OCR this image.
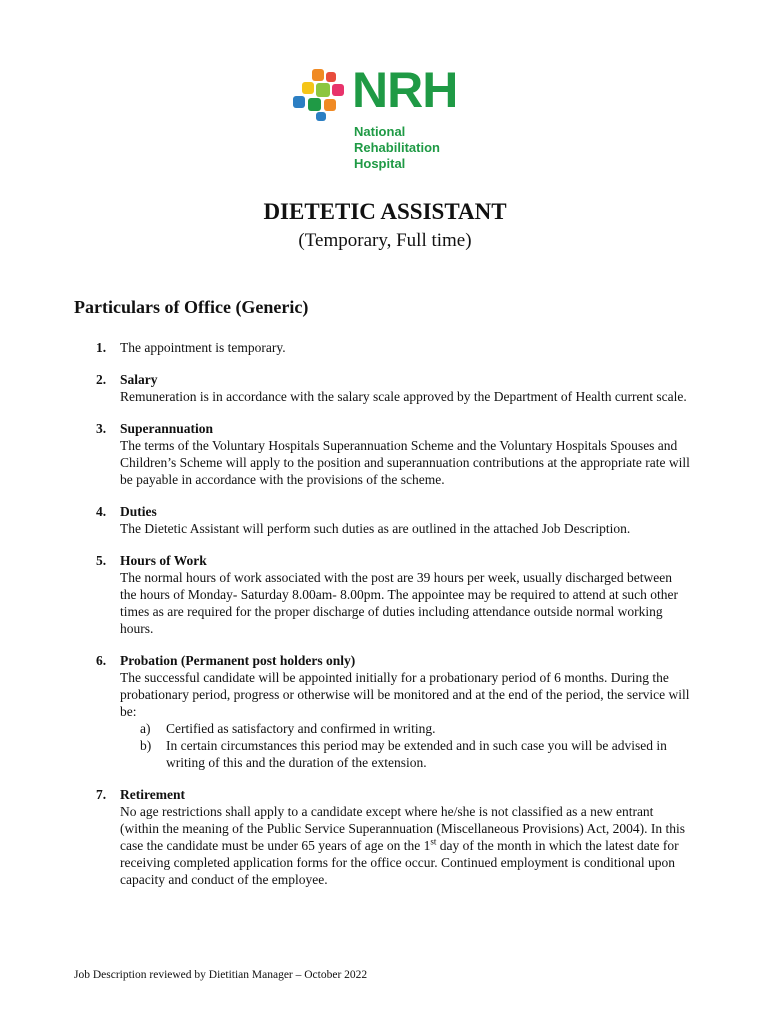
NRH
National
Rehabilitation
Hospital
DIETETIC ASSISTANT
(Temporary, Full time)
Particulars of Office (Generic)
1. The appointment is temporary.
2. Salary
Remuneration is in accordance with the salary scale approved by the Department of Health current scale.
3. Superannuation
The terms of the Voluntary Hospitals Superannuation Scheme and the Voluntary Hospitals Spouses and Children’s Scheme will apply to the position and superannuation contributions at the appropriate rate will be payable in accordance with the provisions of the scheme.
4. Duties
The Dietetic Assistant will perform such duties as are outlined in the attached Job Description.
5. Hours of Work
The normal hours of work associated with the post are 39 hours per week, usually discharged between the hours of Monday- Saturday 8.00am- 8.00pm. The appointee may be required to attend at such other times as are required for the proper discharge of duties including attendance outside normal working hours.
6. Probation (Permanent post holders only)
The successful candidate will be appointed initially for a probationary period of 6 months. During the probationary period, progress or otherwise will be monitored and at the end of the period, the service will be:
a) Certified as satisfactory and confirmed in writing.
b) In certain circumstances this period may be extended and in such case you will be advised in writing of this and the duration of the extension.
7. Retirement
No age restrictions shall apply to a candidate except where he/she is not classified as a new entrant (within the meaning of the Public Service Superannuation (Miscellaneous Provisions) Act, 2004). In this case the candidate must be under 65 years of age on the 1st day of the month in which the latest date for receiving completed application forms for the office occur. Continued employment is conditional upon capacity and conduct of the employee.
Job Description reviewed by Dietitian Manager – October 2022
